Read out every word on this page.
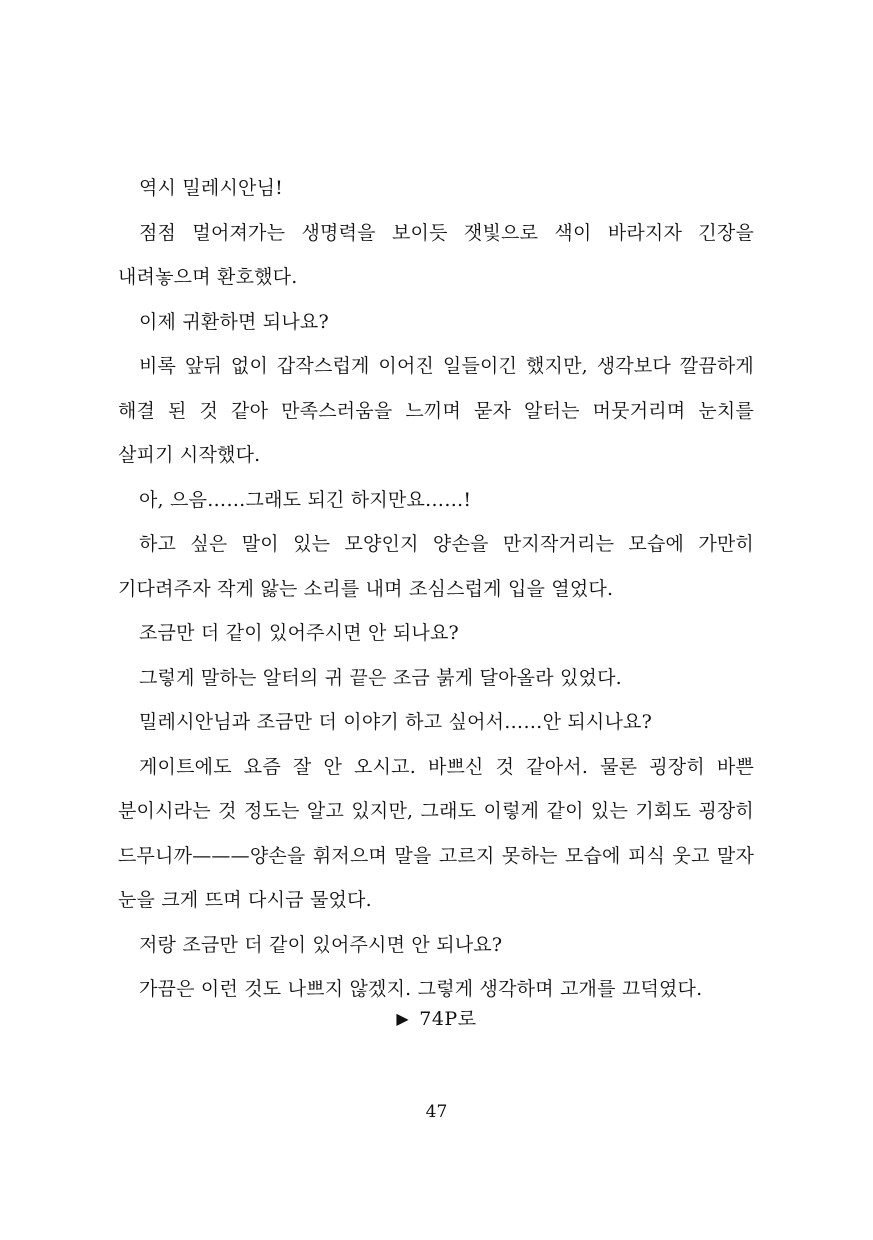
역시 밀레시안님!

점점 멀어져가는 생명력을 보이듯 잿빛으로 색이 바라지자 긴장을 내려놓으며 환호했다.

이제 귀환하면 되나요?

비록 앞뒤 없이 갑작스럽게 이어진 일들이긴 했지만, 생각보다 깔끔하게 해결 된 것 같아 만족스러움을 느끼며 묻자 알터는 머뭇거리며 눈치를 살피기 시작했다.

아, 으음……그래도 되긴 하지만요……!

하고 싶은 말이 있는 모양인지 양손을 만지작거리는 모습에 가만히 기다려주자 작게 앓는 소리를 내며 조심스럽게 입을 열었다.

조금만 더 같이 있어주시면 안 되나요?

그렇게 말하는 알터의 귀 끝은 조금 붉게 달아올라 있었다.

밀레시안님과 조금만 더 이야기 하고 싶어서……안 되시나요?

게이트에도 요즘 잘 안 오시고. 바쁘신 것 같아서. 물론 굉장히 바쁜 분이시라는 것 정도는 알고 있지만, 그래도 이렇게 같이 있는 기회도 굉장히 드무니까———양손을 휘저으며 말을 고르지 못하는 모습에 피식 웃고 말자 눈을 크게 뜨며 다시금 물었다.

저랑 조금만 더 같이 있어주시면 안 되나요?

가끔은 이런 것도 나쁘지 않겠지. 그렇게 생각하며 고개를 끄덕였다.

▶ 74P로
47
